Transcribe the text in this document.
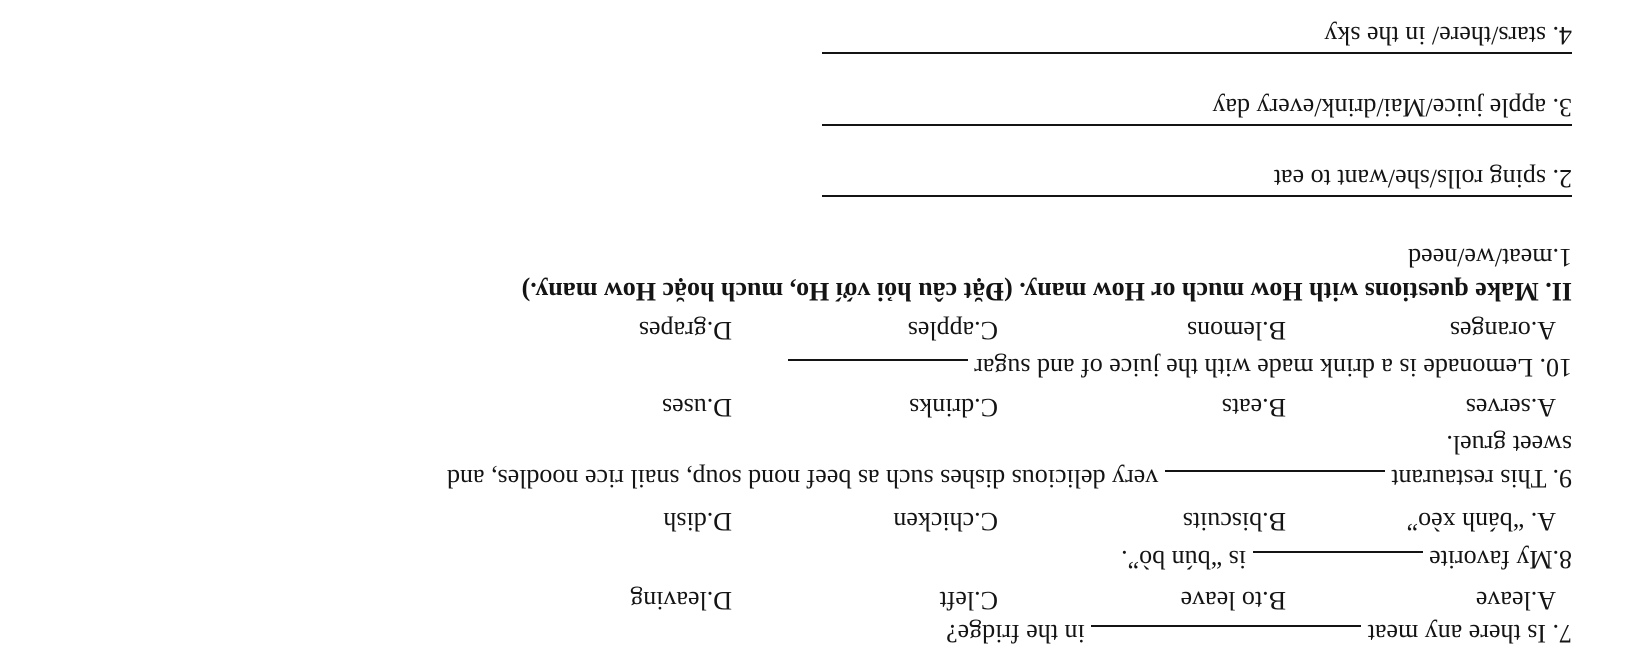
7. Is there any meat  in the fridge?
A.leave
B.to leave
C.left
D.leaving
8.My favorite  is “bún bò”.
A. “bánh xèo”
B.biscuits
C.chicken
D.dish
9. This restaurant  very delicious dishes such as beef nond soup, snail rice noodles, and
sweet gruel.
A.serves
B.eats
C.drinks
D.uses
10. Lemonade is a drink made with the juice of and sugar
A.oranges
B.lemons
C.apples
D.grapes
II. Make questions with How much or How many. (Đặt câu hỏi vớí Ho, much hoặc How many.)
1.meat/we/need
2. sping rolls/she/want to eat
3. apple juice/Mai/drink/every day
4. stars/there/ in the sky
